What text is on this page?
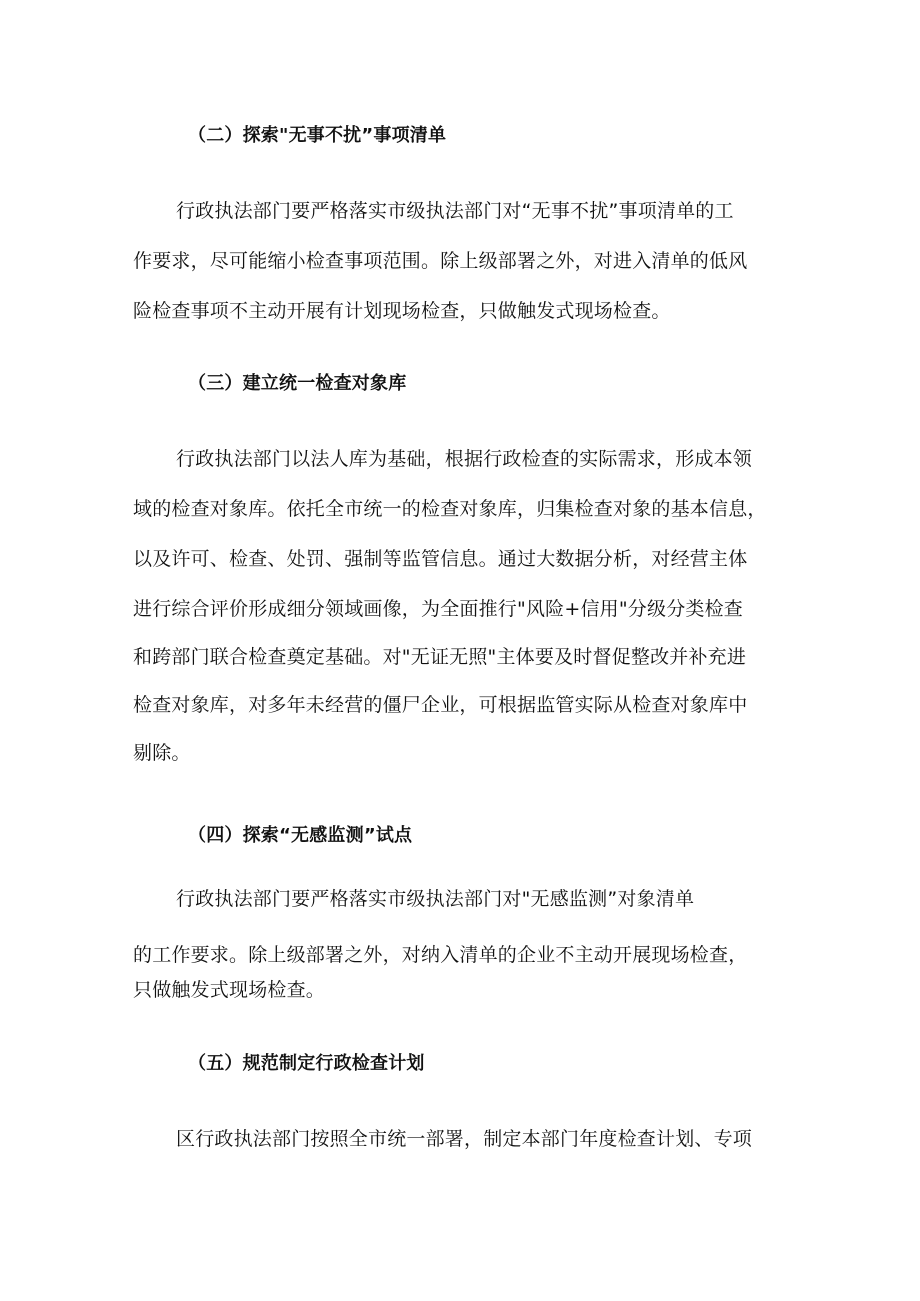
（二）探索"无事不扰”事项清单
行政执法部门要严格落实市级执法部门对“无事不扰”事项清单的工
作要求，尽可能缩小检查事项范围。除上级部署之外，对进入清单的低风
险检查事项不主动开展有计划现场检查，只做触发式现场检查。
（三）建立统一检查对象库
行政执法部门以法人库为基础，根据行政检查的实际需求，形成本领
域的检查对象库。依托全市统一的检查对象库，归集检查对象的基本信息，
以及许可、检查、处罚、强制等监管信息。通过大数据分析，对经营主体
进行综合评价形成细分领域画像，为全面推行"风险+信用"分级分类检查
和跨部门联合检查奠定基础。对"无证无照"主体要及时督促整改并补充进
检查对象库，对多年未经营的僵尸企业，可根据监管实际从检查对象库中
剔除。
（四）探索“无感监测”试点
行政执法部门要严格落实市级执法部门对"无感监测”对象清单
的工作要求。除上级部署之外，对纳入清单的企业不主动开展现场检查，
只做触发式现场检查。
（五）规范制定行政检查计划
区行政执法部门按照全市统一部署，制定本部门年度检查计划、专项
